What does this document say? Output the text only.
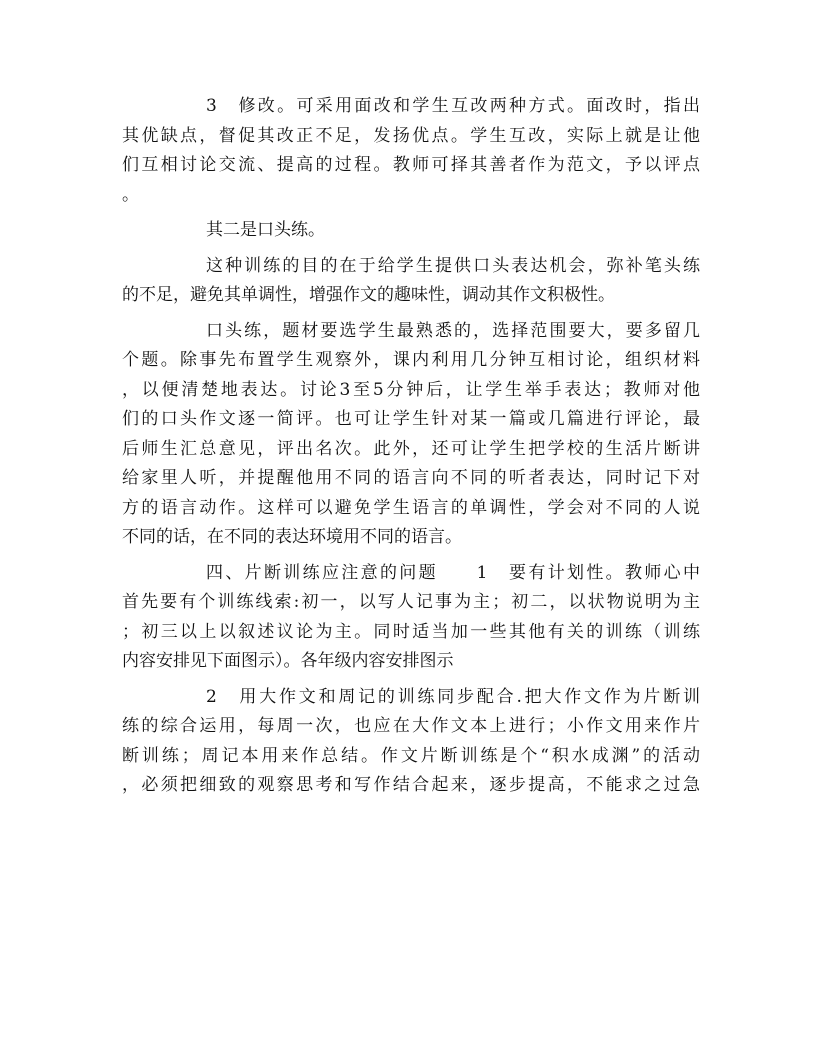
3　修改。可采用面改和学生互改两种方式。面改时，指出
其优缺点，督促其改正不足，发扬优点。学生互改，实际上就是让他
们互相讨论交流、提高的过程。教师可择其善者作为范文，予以评点
。
其二是口头练。
这种训练的目的在于给学生提供口头表达机会，弥补笔头练
的不足，避免其单调性，增强作文的趣味性，调动其作文积极性。
口头练，题材要选学生最熟悉的，选择范围要大，要多留几
个题。除事先布置学生观察外，课内利用几分钟互相讨论，组织材料
，以便清楚地表达。讨论3至5分钟后，让学生举手表达；教师对他
们的口头作文逐一简评。也可让学生针对某一篇或几篇进行评论，最
后师生汇总意见，评出名次。此外，还可让学生把学校的生活片断讲
给家里人听，并提醒他用不同的语言向不同的听者表达，同时记下对
方的语言动作。这样可以避免学生语言的单调性，学会对不同的人说
不同的话，在不同的表达环境用不同的语言。
四、片断训练应注意的问题　　1　要有计划性。教师心中
首先要有个训练线索:初一，以写人记事为主；初二，以状物说明为主
；初三以上以叙述议论为主。同时适当加一些其他有关的训练（训练
内容安排见下面图示）。各年级内容安排图示
2　用大作文和周记的训练同步配合.把大作文作为片断训
练的综合运用，每周一次，也应在大作文本上进行；小作文用来作片
断训练；周记本用来作总结。作文片断训练是个“积水成渊”的活动
，必须把细致的观察思考和写作结合起来，逐步提高，不能求之过急
